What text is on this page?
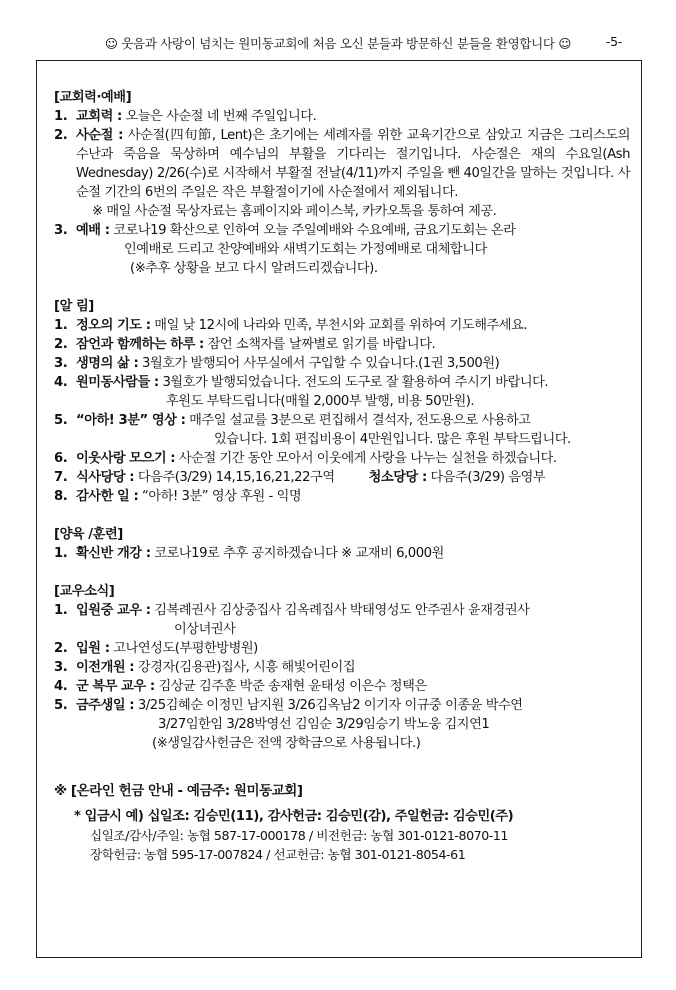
☺ 웃음과 사랑이 넘치는 원미동교회에 처음 오신 분들과 방문하신 분들을 환영합니다 ☺	-5-
[교회력·예배]
1. 교회력 : 오늘은 사순절 네 번째 주일입니다.
2. 사순절 : 사순절(四旬節, Lent)은 초기에는 세례자를 위한 교육기간으로 삼았고 지금은 그리스도의 수난과 죽음을 묵상하며 예수님의 부활을 기다리는 절기입니다. 사순절은 재의 수요일(Ash Wednesday) 2/26(수)로 시작해서 부활절 전날(4/11)까지 주일을 뺀 40일간을 말하는 것입니다. 사순절 기간의 6번의 주일은 작은 부활절이기에 사순절에서 제외됩니다.
※ 매일 사순절 묵상자료는 홈페이지와 페이스북, 카카오톡을 통하여 제공.
3. 예배 : 코로나19 확산으로 인하여 오늘 주일예배와 수요예배, 금요기도회는 온라
인예배로 드리고 찬양예배와 새벽기도회는 가정예배로 대체합니다
(※추후 상황을 보고 다시 알려드리겠습니다).
[알 림]
1. 정오의 기도 : 매일 낮 12시에 나라와 민족, 부천시와 교회를 위하여 기도해주세요.
2. 잠언과 함께하는 하루 : 잠언 소책자를 날짜별로 읽기를 바랍니다.
3. 생명의 삶 : 3월호가 발행되어 사무실에서 구입할 수 있습니다.(1권 3,500원)
4. 원미동사람들 : 3월호가 발행되었습니다. 전도의 도구로 잘 활용하여 주시기 바랍니다.
후원도 부탁드립니다(매월 2,000부 발행, 비용 50만원).
5. “아하! 3분” 영상 : 매주일 설교를 3분으로 편집해서 결석자, 전도용으로 사용하고
있습니다. 1회 편집비용이 4만원입니다. 많은 후원 부탁드립니다.
6. 이웃사랑 모으기 : 사순절 기간 동안 모아서 이웃에게 사랑을 나누는 실천을 하겠습니다.
7. 식사당당 : 다음주(3/29) 14,15,16,21,22구역	청소당당 : 다음주(3/29) 음영부
8. 감사한 일 : “아하! 3분” 영상 후원 - 익명
[양육 /훈련]
1. 확신반 개강 : 코로나19로 추후 공지하겠습니다 ※ 교재비 6,000원
[교우소식]
1. 입원중 교우 : 김복례권사 김상중집사 김옥례집사 박태영성도 안주권사 윤재경권사
이상녀권사
2. 입원 : 고나연성도(부평한방병원)
3. 이전개원 : 강경자(김용관)집사, 시흥 해빛어린이집
4. 군 복무 교우 : 김상균 김주훈 박준 송재현 윤태성 이은수 정택은
5. 금주생일 : 3/25김혜순 이정민 남지원 3/26김옥남2 이기자 이규중 이종윤 박수연
3/27임한임 3/28박영선 김임순 3/29임승기 박노웅 김지연1
(※생일감사헌금은 전액 장학금으로 사용됩니다.)
※ [온라인 헌금 안내 - 예금주: 원미동교회]
* 입금시 예) 십일조: 김승민(11), 감사헌금: 김승민(감), 주일헌금: 김승민(주)
십일조/감사/주일: 농협 587-17-000178 / 비전헌금: 농협 301-0121-8070-11
장학헌금: 농협 595-17-007824 / 선교헌금: 농협 301-0121-8054-61
